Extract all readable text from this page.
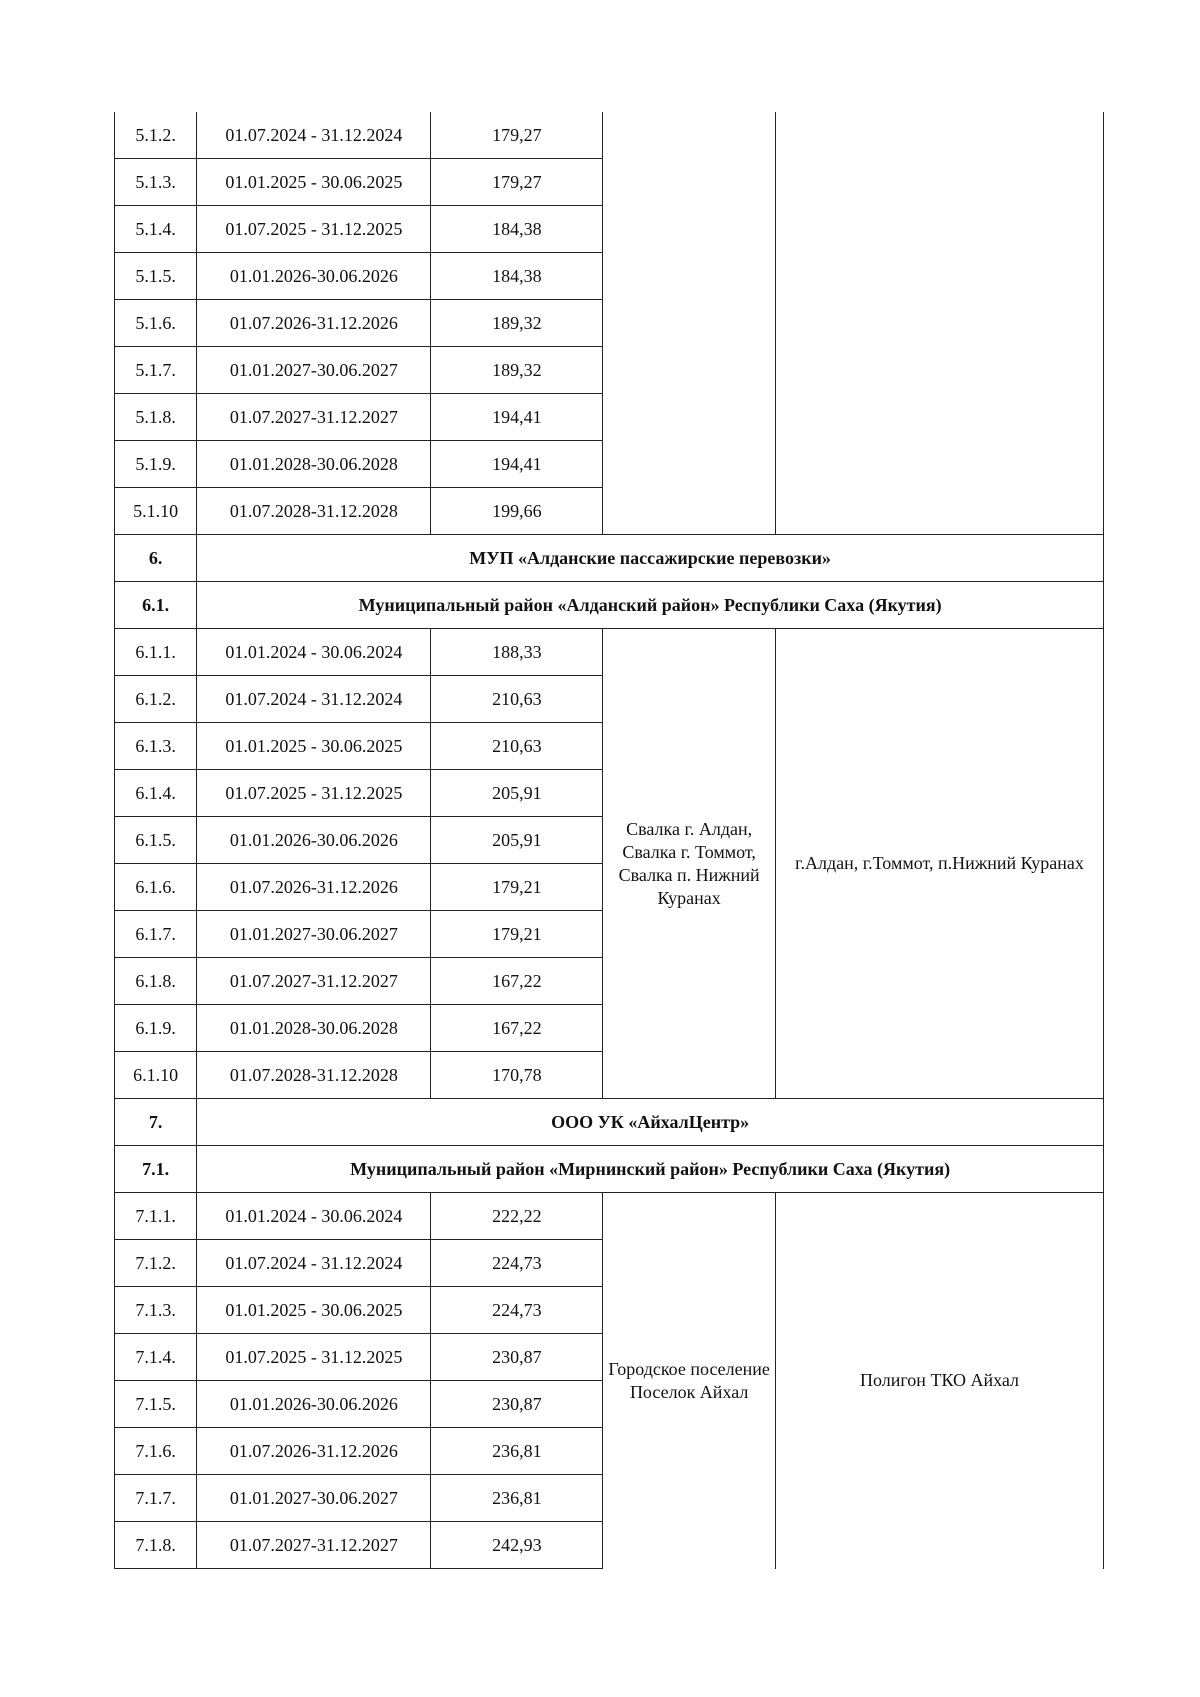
5.1.2.	01.07.2024 - 31.12.2024	179,27		
5.1.3.	01.01.2025 - 30.06.2025	179,27		
5.1.4.	01.07.2025 - 31.12.2025	184,38		
5.1.5.	01.01.2026-30.06.2026	184,38		
5.1.6.	01.07.2026-31.12.2026	189,32		
5.1.7.	01.01.2027-30.06.2027	189,32		
5.1.8.	01.07.2027-31.12.2027	194,41		
5.1.9.	01.01.2028-30.06.2028	194,41		
5.1.10	01.07.2028-31.12.2028	199,66		
6.	МУП «Алданские пассажирские перевозки»			
6.1.	Муниципальный район «Алданский район» Республики Саха (Якутия)			
6.1.1.	01.01.2024 - 30.06.2024	188,33	Свалка г. Алдан, Свалка г. Томмот, Свалка п. Нижний Куранах	г.Алдан, г.Томмот, п.Нижний Куранах
6.1.2.	01.07.2024 - 31.12.2024	210,63		
6.1.3.	01.01.2025 - 30.06.2025	210,63		
6.1.4.	01.07.2025 - 31.12.2025	205,91		
6.1.5.	01.01.2026-30.06.2026	205,91		
6.1.6.	01.07.2026-31.12.2026	179,21		
6.1.7.	01.01.2027-30.06.2027	179,21		
6.1.8.	01.07.2027-31.12.2027	167,22		
6.1.9.	01.01.2028-30.06.2028	167,22		
6.1.10	01.07.2028-31.12.2028	170,78		
7.	ООО УК «АйхалЦентр»			
7.1.	Муниципальный район «Мирнинский район» Республики Саха (Якутия)			
7.1.1.	01.01.2024 - 30.06.2024	222,22	Городское поселение Поселок Айхал	Полигон ТКО Айхал
7.1.2.	01.07.2024 - 31.12.2024	224,73		
7.1.3.	01.01.2025 - 30.06.2025	224,73		
7.1.4.	01.07.2025 - 31.12.2025	230,87		
7.1.5.	01.01.2026-30.06.2026	230,87		
7.1.6.	01.07.2026-31.12.2026	236,81		
7.1.7.	01.01.2027-30.06.2027	236,81		
7.1.8.	01.07.2027-31.12.2027	242,93		
